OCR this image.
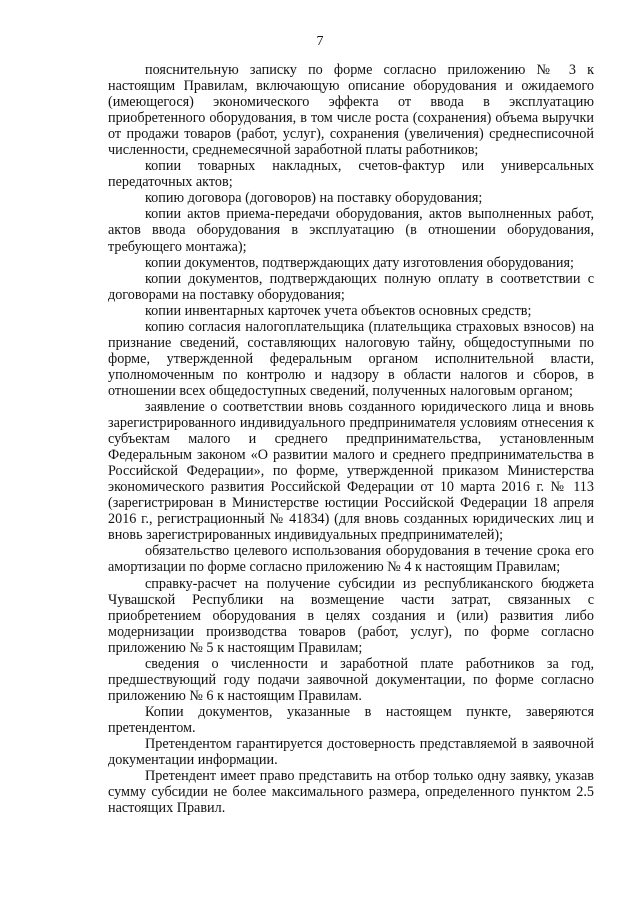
7

пояснительную записку по форме согласно приложению № 3 к настоящим Правилам, включающую описание оборудования и ожидаемого (имеющегося) экономического эффекта от ввода в эксплуатацию приобретенного оборудования, в том числе роста (сохранения) объема выручки от продажи товаров (работ, услуг), сохранения (увеличения) среднесписочной численности, среднемесячной заработной платы работников;

копии товарных накладных, счетов-фактур или универсальных передаточных актов;

копию договора (договоров) на поставку оборудования;

копии актов приема-передачи оборудования, актов выполненных работ, актов ввода оборудования в эксплуатацию (в отношении оборудования, требующего монтажа);

копии документов, подтверждающих дату изготовления оборудования;

копии документов, подтверждающих полную оплату в соответствии с договорами на поставку оборудования;

копии инвентарных карточек учета объектов основных средств;

копию согласия налогоплательщика (плательщика страховых взносов) на признание сведений, составляющих налоговую тайну, общедоступными по форме, утвержденной федеральным органом исполнительной власти, уполномоченным по контролю и надзору в области налогов и сборов, в отношении всех общедоступных сведений, полученных налоговым органом;

заявление о соответствии вновь созданного юридического лица и вновь зарегистрированного индивидуального предпринимателя условиям отнесения к субъектам малого и среднего предпринимательства, установленным Федеральным законом «О развитии малого и среднего предпринимательства в Российской Федерации», по форме, утвержденной приказом Министерства экономического развития Российской Федерации от 10 марта 2016 г. № 113 (зарегистрирован в Министерстве юстиции Российской Федерации 18 апреля 2016 г., регистрационный № 41834) (для вновь созданных юридических лиц и вновь зарегистрированных индивидуальных предпринимателей);

обязательство целевого использования оборудования в течение срока его амортизации по форме согласно приложению № 4 к настоящим Правилам;

справку-расчет на получение субсидии из республиканского бюджета Чувашской Республики на возмещение части затрат, связанных с приобретением оборудования в целях создания и (или) развития либо модернизации производства товаров (работ, услуг), по форме согласно приложению № 5 к настоящим Правилам;

сведения о численности и заработной плате работников за год, предшествующий году подачи заявочной документации, по форме согласно приложению № 6 к настоящим Правилам.

Копии документов, указанные в настоящем пункте, заверяются претендентом.

Претендентом гарантируется достоверность представляемой в заявочной документации информации.

Претендент имеет право представить на отбор только одну заявку, указав сумму субсидии не более максимального размера, определенного пунктом 2.5 настоящих Правил.
